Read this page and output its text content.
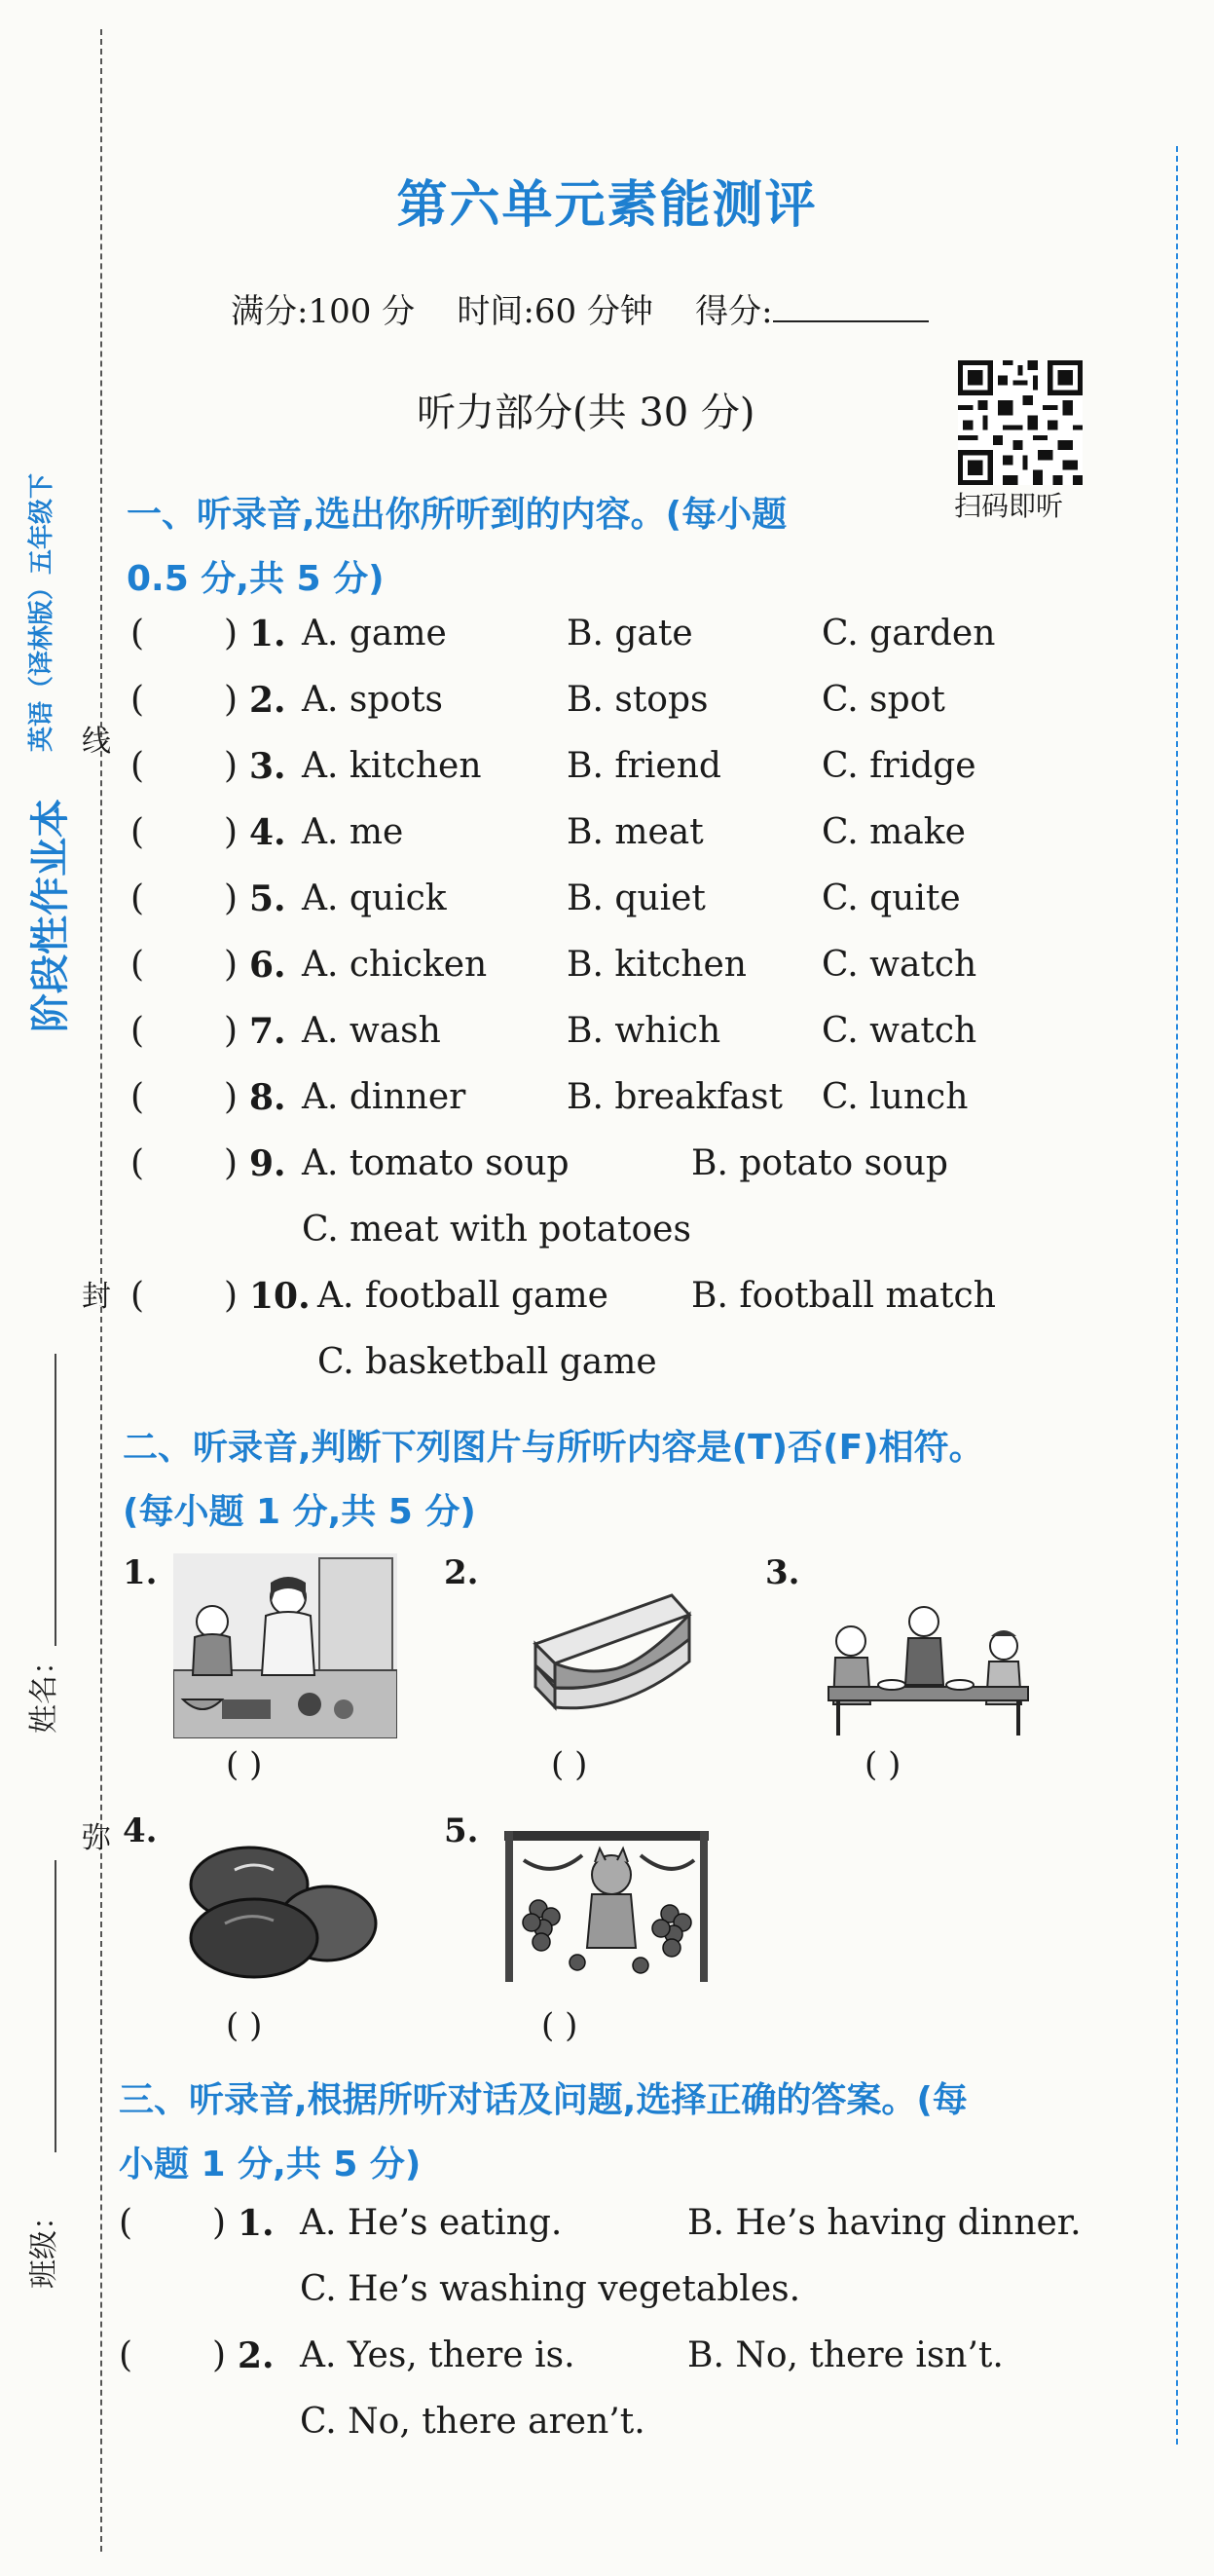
阶段性作业本
英语（译林版）五年级下 线
封
弥
姓名：
班级：
第六单元素能测评
满分:100 分 时间:60 分钟 得分:
听力部分(共 30 分)
扫码即听
一、听录音,选出你所听到的内容。(每小题
0.5 分,共 5 分)
( ) 1. A. game	B. gate	C. garden
( ) 2. A. spots	B. stops	C. spot
( ) 3. A. kitchen B. friend	C. fridge
( ) 4. A. me	B. meat	C. make
( ) 5. A. quick	B. quiet	C. quite
( ) 6. A. chicken B. kitchen C. watch
( ) 7. A. wash	B. which	C. watch
( ) 8. A. dinner	B. breakfast C. lunch
( ) 9. A. tomato soup	B. potato soup
C. meat with potatoes
( ) 10. A. football game B. football match
C. basketball game
二、听录音,判断下列图片与所听内容是(T)否(F)相符。
(每小题 1 分,共 5 分)
1.
( )
2.
( )
3.
( )
4.
( )
5.
( )
三、听录音,根据所听对话及问题,选择正确的答案。(每
小题 1 分,共 5 分)
( ) 1. A. He’s eating.	B. He’s having dinner.
C. He’s washing vegetables.
( ) 2. A. Yes, there is.	B. No, there isn’t.
C. No, there aren’t.
